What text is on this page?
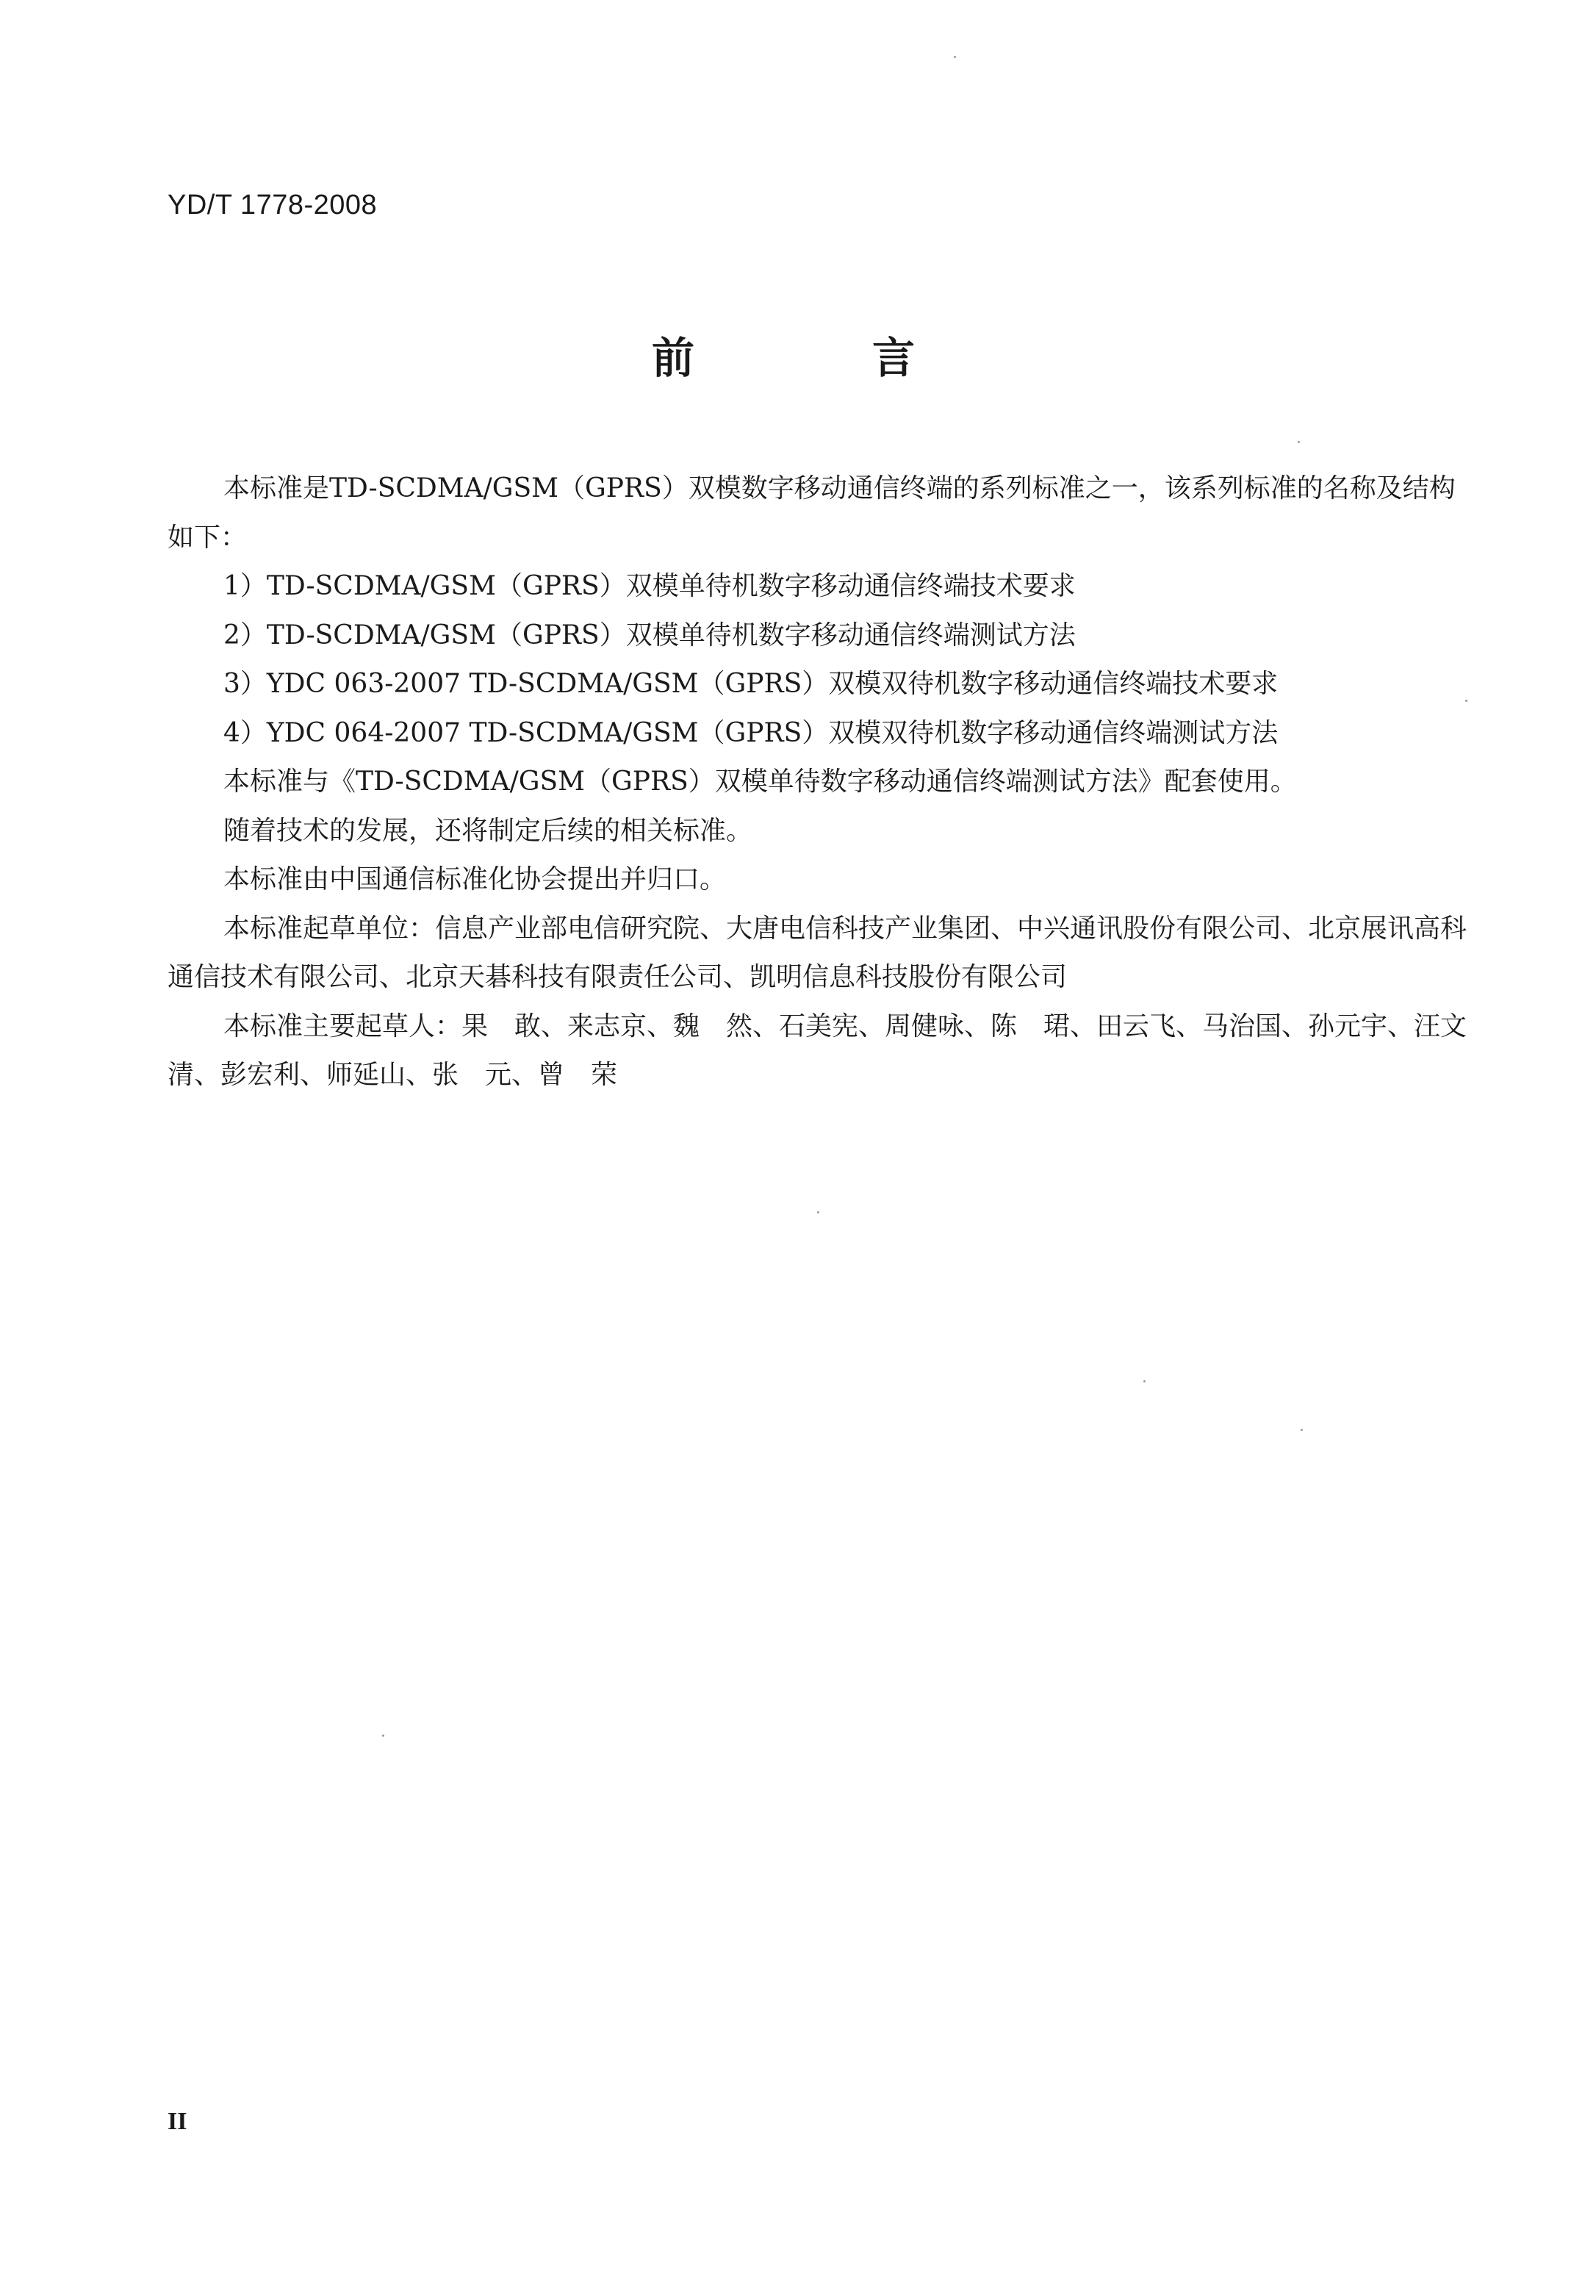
YD/T 1778-2008
前　言

本标准是TD-SCDMA/GSM（GPRS）双模数字移动通信终端的系列标准之一，该系列标准的名称及结构如下：

1）TD-SCDMA/GSM（GPRS）双模单待机数字移动通信终端技术要求

2）TD-SCDMA/GSM（GPRS）双模单待机数字移动通信终端测试方法

3）YDC 063-2007 TD-SCDMA/GSM（GPRS）双模双待机数字移动通信终端技术要求

4）YDC 064-2007 TD-SCDMA/GSM（GPRS）双模双待机数字移动通信终端测试方法

本标准与《TD-SCDMA/GSM（GPRS）双模单待数字移动通信终端测试方法》配套使用。

随着技术的发展，还将制定后续的相关标准。

本标准由中国通信标准化协会提出并归口。

本标准起草单位：信息产业部电信研究院、大唐电信科技产业集团、中兴通讯股份有限公司、北京展讯高科通信技术有限公司、北京天碁科技有限责任公司、凯明信息科技股份有限公司

本标准主要起草人：果　敢、来志京、魏　然、石美宪、周健咏、陈　珺、田云飞、马治国、孙元宇、汪文清、彭宏利、师延山、张　元、曾　荣

II
